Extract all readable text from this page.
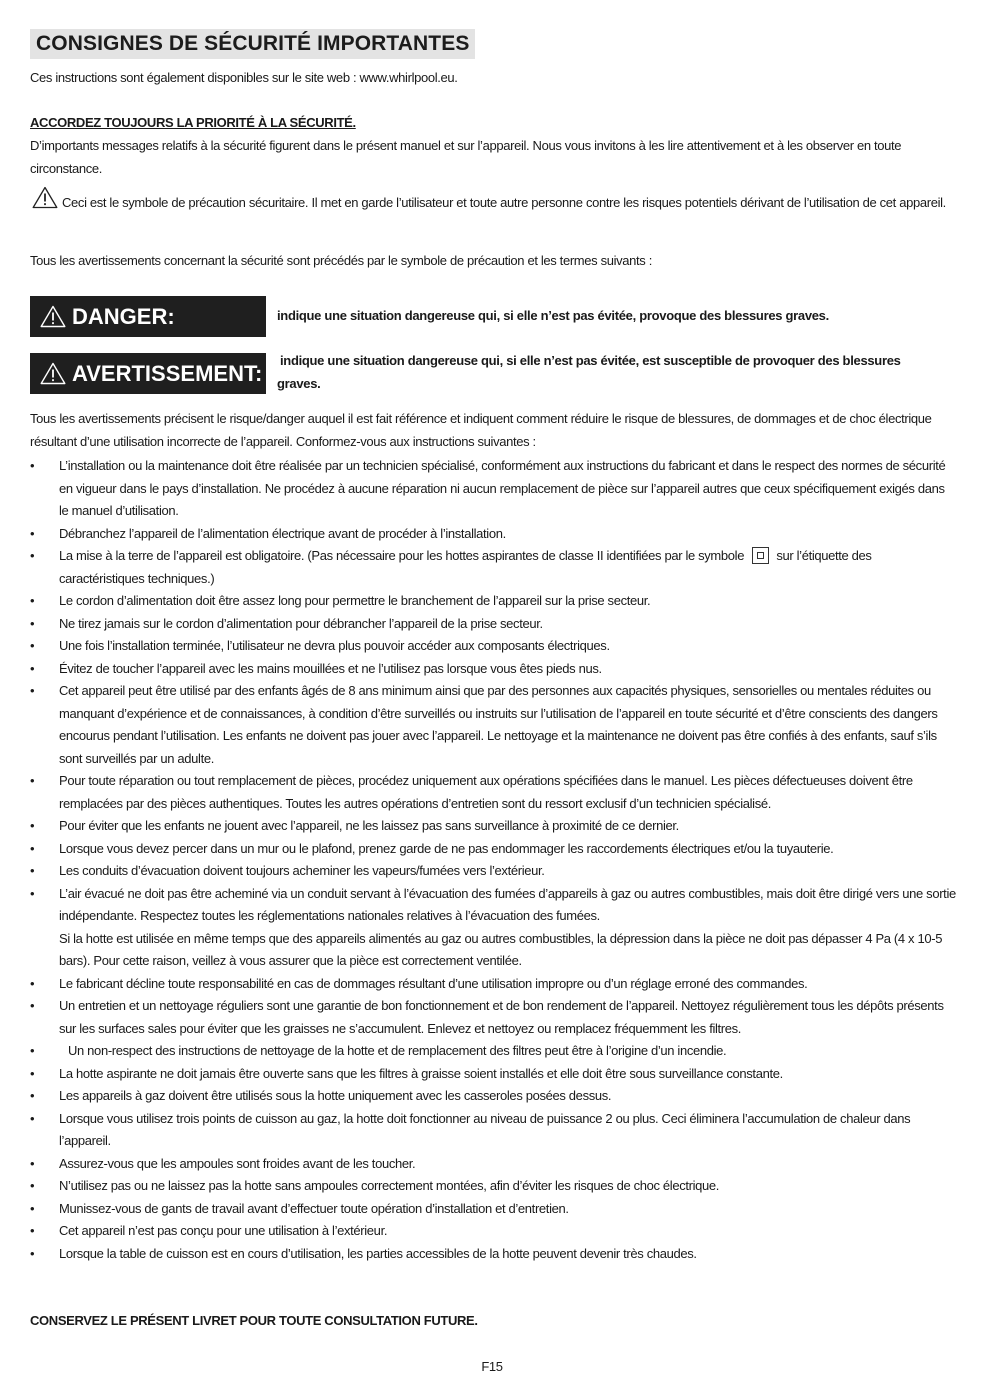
CONSIGNES DE SÉCURITÉ IMPORTANTES
Ces instructions sont également disponibles sur le site web : www.whirlpool.eu.
ACCORDEZ TOUJOURS LA PRIORITÉ À LA SÉCURITÉ.
D’importants messages relatifs à la sécurité figurent dans le présent manuel et sur l’appareil. Nous vous invitons à les lire attentivement et à les observer en toute circonstance.
Ceci est le symbole de précaution sécuritaire. Il met en garde l’utilisateur et toute autre personne contre les risques potentiels dérivant de l’utilisation de cet appareil.
Tous les avertissements concernant la sécurité sont précédés par le symbole de précaution et les termes suivants :
DANGER:	indique une situation dangereuse qui, si elle n’est pas évitée, provoque des blessures graves.
AVERTISSEMENT: indique une situation dangereuse qui, si elle n’est pas évitée, est susceptible de provoquer des blessures graves.
Tous les avertissements précisent le risque/danger auquel il est fait référence et indiquent comment réduire le risque de blessures, de dommages et de choc électrique résultant d’une utilisation incorrecte de l’appareil. Conformez-vous aux instructions suivantes :
• L’installation ou la maintenance doit être réalisée par un technicien spécialisé, conformément aux instructions du fabricant et dans le respect des normes de sécurité en vigueur dans le pays d’installation. Ne procédez à aucune réparation ni aucun remplacement de pièce sur l’appareil autres que ceux spécifiquement exigés dans le manuel d’utilisation.
• Débranchez l’appareil de l’alimentation électrique avant de procéder à l’installation.
• La mise à la terre de l’appareil est obligatoire. (Pas nécessaire pour les hottes aspirantes de classe II identifiées par le symbole sur l’étiquette des caractéristiques techniques.)
• Le cordon d’alimentation doit être assez long pour permettre le branchement de l’appareil sur la prise secteur.
• Ne tirez jamais sur le cordon d’alimentation pour débrancher l’appareil de la prise secteur.
• Une fois l’installation terminée, l’utilisateur ne devra plus pouvoir accéder aux composants électriques.
• Évitez de toucher l’appareil avec les mains mouillées et ne l’utilisez pas lorsque vous êtes pieds nus.
• Cet appareil peut être utilisé par des enfants âgés de 8 ans minimum ainsi que par des personnes aux capacités physiques, sensorielles ou mentales réduites ou manquant d’expérience et de connaissances, à condition d’être surveillés ou instruits sur l’utilisation de l’appareil en toute sécurité et d’être conscients des dangers encourus pendant l’utilisation. Les enfants ne doivent pas jouer avec l’appareil. Le nettoyage et la maintenance ne doivent pas être confiés à des enfants, sauf s’ils sont surveillés par un adulte.
• Pour toute réparation ou tout remplacement de pièces, procédez uniquement aux opérations spécifiées dans le manuel. Les pièces défectueuses doivent être remplacées par des pièces authentiques. Toutes les autres opérations d’entretien sont du ressort exclusif d’un technicien spécialisé.
• Pour éviter que les enfants ne jouent avec l’appareil, ne les laissez pas sans surveillance à proximité de ce dernier.
• Lorsque vous devez percer dans un mur ou le plafond, prenez garde de ne pas endommager les raccordements électriques et/ou la tuyauterie.
• Les conduits d’évacuation doivent toujours acheminer les vapeurs/fumées vers l’extérieur.
• L’air évacué ne doit pas être acheminé via un conduit servant à l’évacuation des fumées d’appareils à gaz ou autres combustibles, mais doit être dirigé vers une sortie indépendante. Respectez toutes les réglementations nationales relatives à l’évacuation des fumées.
Si la hotte est utilisée en même temps que des appareils alimentés au gaz ou autres combustibles, la dépression dans la pièce ne doit pas dépasser 4 Pa (4 x 10-5 bars). Pour cette raison, veillez à vous assurer que la pièce est correctement ventilée.
• Le fabricant décline toute responsabilité en cas de dommages résultant d’une utilisation impropre ou d’un réglage erroné des commandes.
• Un entretien et un nettoyage réguliers sont une garantie de bon fonctionnement et de bon rendement de l’appareil. Nettoyez régulièrement tous les dépôts présents sur les surfaces sales pour éviter que les graisses ne s’accumulent. Enlevez et nettoyez ou remplacez fréquemment les filtres.
•	Un non-respect des instructions de nettoyage de la hotte et de remplacement des filtres peut être à l’origine d’un incendie.
• La hotte aspirante ne doit jamais être ouverte sans que les filtres à graisse soient installés et elle doit être sous surveillance constante.
• Les appareils à gaz doivent être utilisés sous la hotte uniquement avec les casseroles posées dessus.
• Lorsque vous utilisez trois points de cuisson au gaz, la hotte doit fonctionner au niveau de puissance 2 ou plus. Ceci éliminera l’accumulation de chaleur dans l’appareil.
• Assurez-vous que les ampoules sont froides avant de les toucher.
• N’utilisez pas ou ne laissez pas la hotte sans ampoules correctement montées, afin d’éviter les risques de choc électrique.
• Munissez-vous de gants de travail avant d’effectuer toute opération d’installation et d’entretien.
• Cet appareil n’est pas conçu pour une utilisation à l’extérieur.
• Lorsque la table de cuisson est en cours d’utilisation, les parties accessibles de la hotte peuvent devenir très chaudes.
CONSERVEZ LE PRÉSENT LIVRET POUR TOUTE CONSULTATION FUTURE.
F15
